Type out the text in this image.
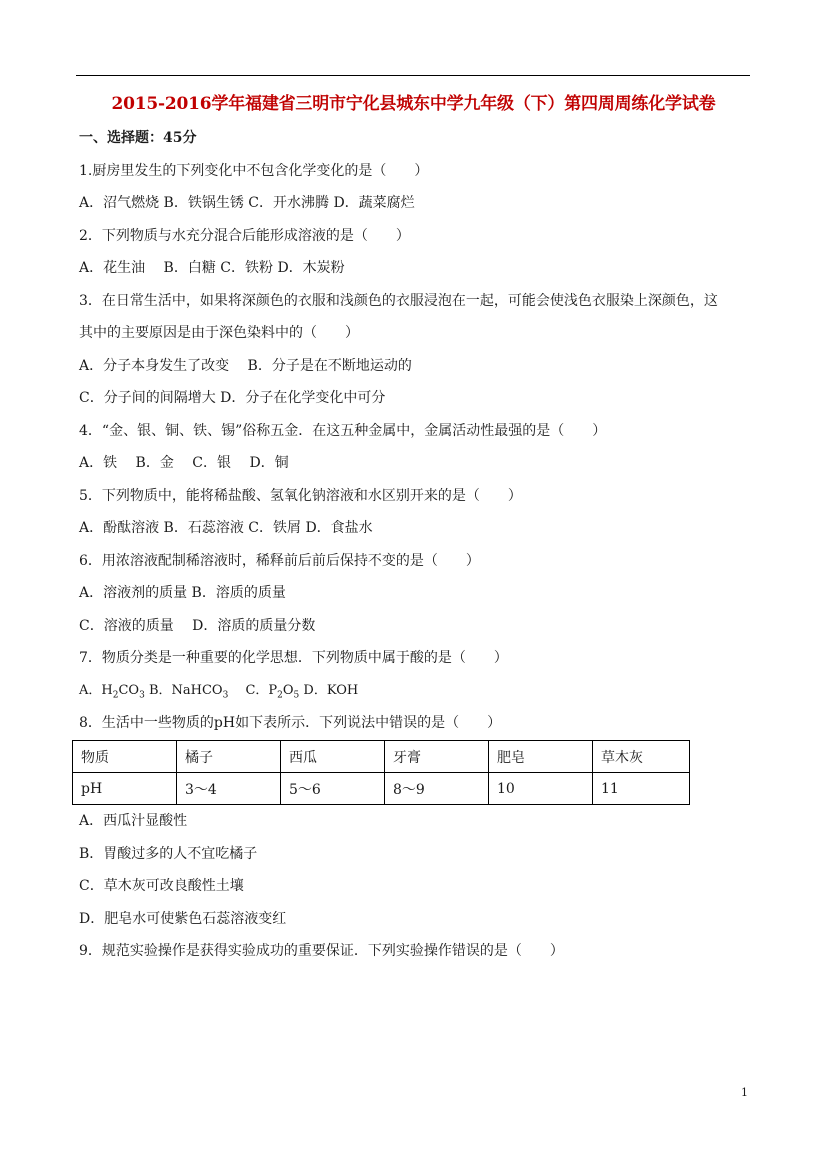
2015-2016学年福建省三明市宁化县城东中学九年级（下）第四周周练化学试卷
一、选择题：45分
1.厨房里发生的下列变化中不包含化学变化的是（　　）
A．沼气燃烧 B．铁锅生锈 C．开水沸腾 D．蔬菜腐烂
2．下列物质与水充分混合后能形成溶液的是（　　）
A．花生油　 B．白糖 C．铁粉 D．木炭粉
3．在日常生活中，如果将深颜色的衣服和浅颜色的衣服浸泡在一起，可能会使浅色衣服染上深颜色，这
其中的主要原因是由于深色染料中的（　　）
A．分子本身发生了改变　 B．分子是在不断地运动的
C．分子间的间隔增大 D．分子在化学变化中可分
4．“金、银、铜、铁、锡”俗称五金．在这五种金属中，金属活动性最强的是（　　）
A．铁　 B．金　 C．银　 D．铜
5．下列物质中，能将稀盐酸、氢氧化钠溶液和水区别开来的是（　　）
A．酚酞溶液 B．石蕊溶液 C．铁屑 D．食盐水
6．用浓溶液配制稀溶液时，稀释前后前后保持不变的是（　　）
A．溶液剂的质量 B．溶质的质量
C．溶液的质量　 D．溶质的质量分数
7．物质分类是一种重要的化学思想．下列物质中属于酸的是（　　）
A．$H_2CO_3$ B．NaHCO$_3$　 C．$P_2O_5$ D．KOH
8．生活中一些物质的pH如下表所示．下列说法中错误的是（　　）
物质	橘子	西瓜	牙膏	肥皂	草木灰
pH	3～4	5～6	8～9	10	11
A．西瓜汁显酸性
B．胃酸过多的人不宜吃橘子
C．草木灰可改良酸性土壤
D．肥皂水可使紫色石蕊溶液变红
9．规范实验操作是获得实验成功的重要保证．下列实验操作错误的是（　　）
1
